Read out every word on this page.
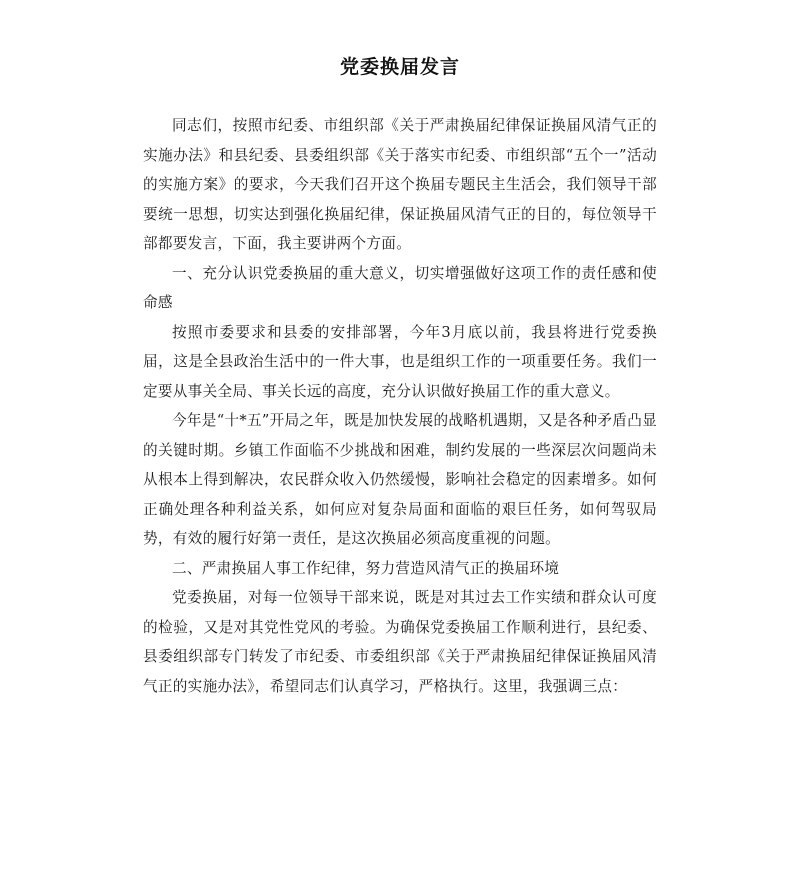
党委换届发言

同志们，按照市纪委、市组织部《关于严肃换届纪律保证换届风清气正的实施办法》和县纪委、县委组织部《关于落实市纪委、市组织部“五个一”活动的实施方案》的要求，今天我们召开这个换届专题民主生活会，我们领导干部要统一思想，切实达到强化换届纪律，保证换届风清气正的目的，每位领导干部都要发言，下面，我主要讲两个方面。

一、充分认识党委换届的重大意义，切实增强做好这项工作的责任感和使命感

按照市委要求和县委的安排部署，今年3月底以前，我县将进行党委换届，这是全县政治生活中的一件大事，也是组织工作的一项重要任务。我们一定要从事关全局、事关长远的高度，充分认识做好换届工作的重大意义。

今年是“十*五”开局之年，既是加快发展的战略机遇期，又是各种矛盾凸显的关键时期。乡镇工作面临不少挑战和困难，制约发展的一些深层次问题尚未从根本上得到解决，农民群众收入仍然缓慢，影响社会稳定的因素增多。如何正确处理各种利益关系，如何应对复杂局面和面临的艰巨任务，如何驾驭局势，有效的履行好第一责任，是这次换届必须高度重视的问题。

二、严肃换届人事工作纪律，努力营造风清气正的换届环境

党委换届，对每一位领导干部来说，既是对其过去工作实绩和群众认可度的检验，又是对其党性党风的考验。为确保党委换届工作顺利进行，县纪委、县委组织部专门转发了市纪委、市委组织部《关于严肃换届纪律保证换届风清气正的实施办法》，希望同志们认真学习，严格执行。这里，我强调三点：
